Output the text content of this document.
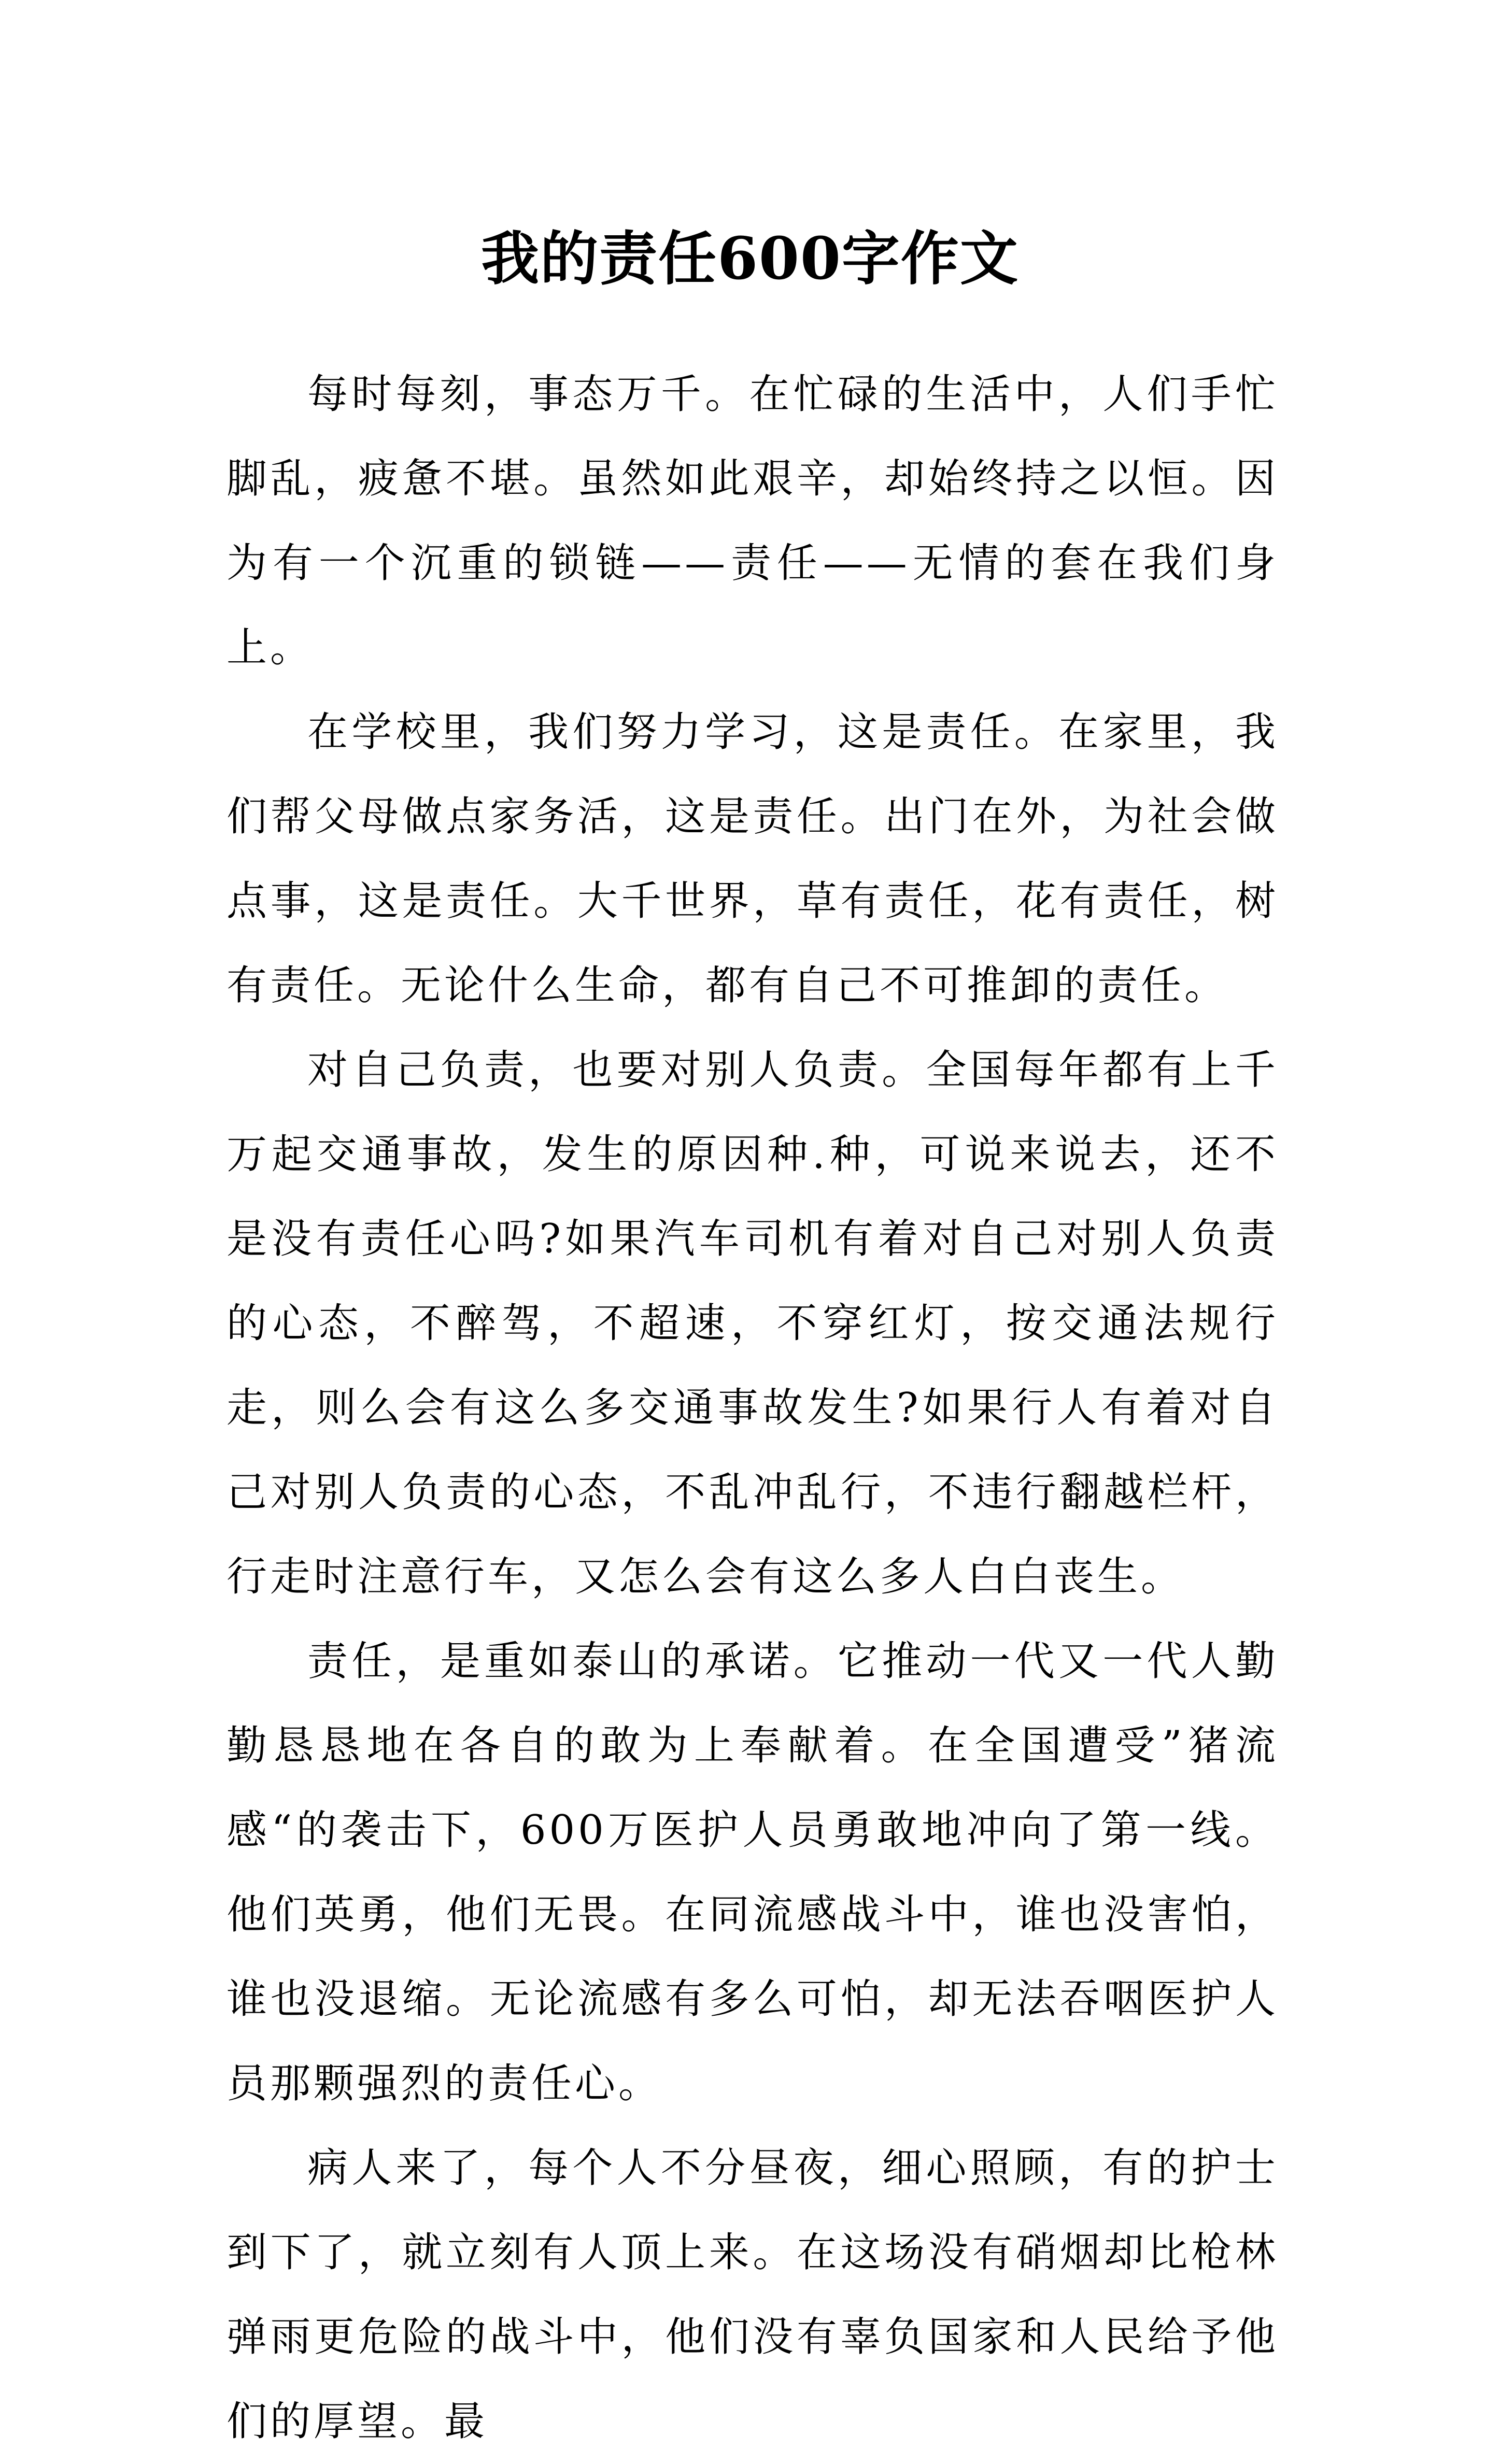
我的责任600字作文

每时每刻，事态万千。在忙碌的生活中，人们手忙脚乱，疲惫不堪。虽然如此艰辛，却始终持之以恒。因为有一个沉重的锁链——责任——无情的套在我们身上。

在学校里，我们努力学习，这是责任。在家里，我们帮父母做点家务活，这是责任。出门在外，为社会做点事，这是责任。大千世界，草有责任，花有责任，树有责任。无论什么生命，都有自己不可推卸的责任。

对自己负责，也要对别人负责。全国每年都有上千万起交通事故，发生的原因种.种，可说来说去，还不是没有责任心吗?如果汽车司机有着对自己对别人负责的心态，不醉驾，不超速，不穿红灯，按交通法规行走，则么会有这么多交通事故发生?如果行人有着对自己对别人负责的心态，不乱冲乱行，不违行翻越栏杆，行走时注意行车，又怎么会有这么多人白白丧生。

责任，是重如泰山的承诺。它推动一代又一代人勤勤恳恳地在各自的敢为上奉献着。在全国遭受”猪流感“的袭击下，600万医护人员勇敢地冲向了第一线。他们英勇，他们无畏。在同流感战斗中，谁也没害怕，谁也没退缩。无论流感有多么可怕，却无法吞咽医护人员那颗强烈的责任心。

病人来了，每个人不分昼夜，细心照顾，有的护士到下了，就立刻有人顶上来。在这场没有硝烟却比枪林弹雨更危险的战斗中，他们没有辜负国家和人民给予他们的厚望。最
